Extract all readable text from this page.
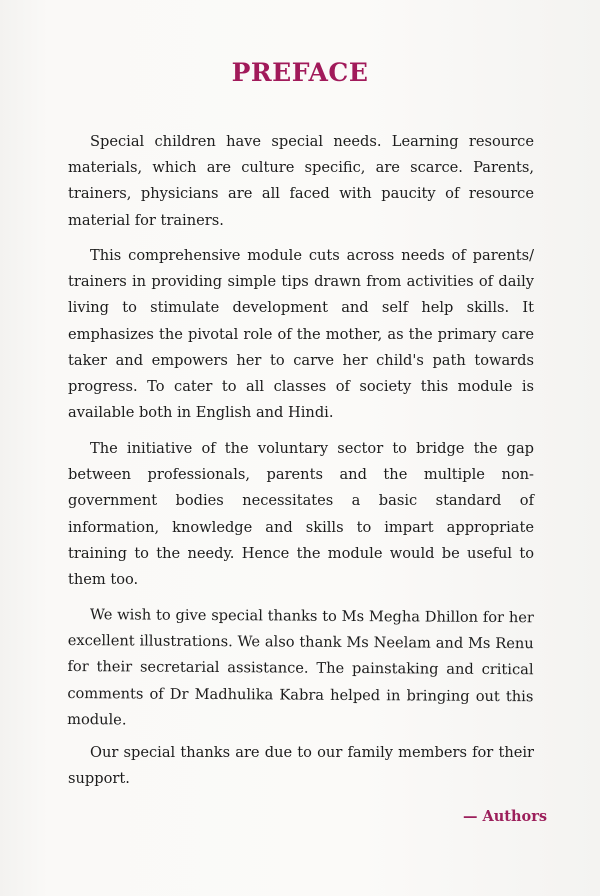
PREFACE

Special children have special needs. Learning resource materials, which are culture specific, are scarce. Parents, trainers, physicians are all faced with paucity of resource material for trainers.

This comprehensive module cuts across needs of parents/ trainers in providing simple tips drawn from activities of daily living to stimulate development and self help skills. It emphasizes the pivotal role of the mother, as the primary care taker and empowers her to carve her child's path towards progress. To cater to all classes of society this module is available both in English and Hindi.

The initiative of the voluntary sector to bridge the gap between professionals, parents and the multiple non-government bodies necessitates a basic standard of information, knowledge and skills to impart appropriate training to the needy. Hence the module would be useful to them too.

We wish to give special thanks to Ms Megha Dhillon for her excellent illustrations. We also thank Ms Neelam and Ms Renu for their secretarial assistance. The painstaking and critical comments of Dr Madhulika Kabra helped in bringing out this module.

Our special thanks are due to our family members for their support.

— Authors
